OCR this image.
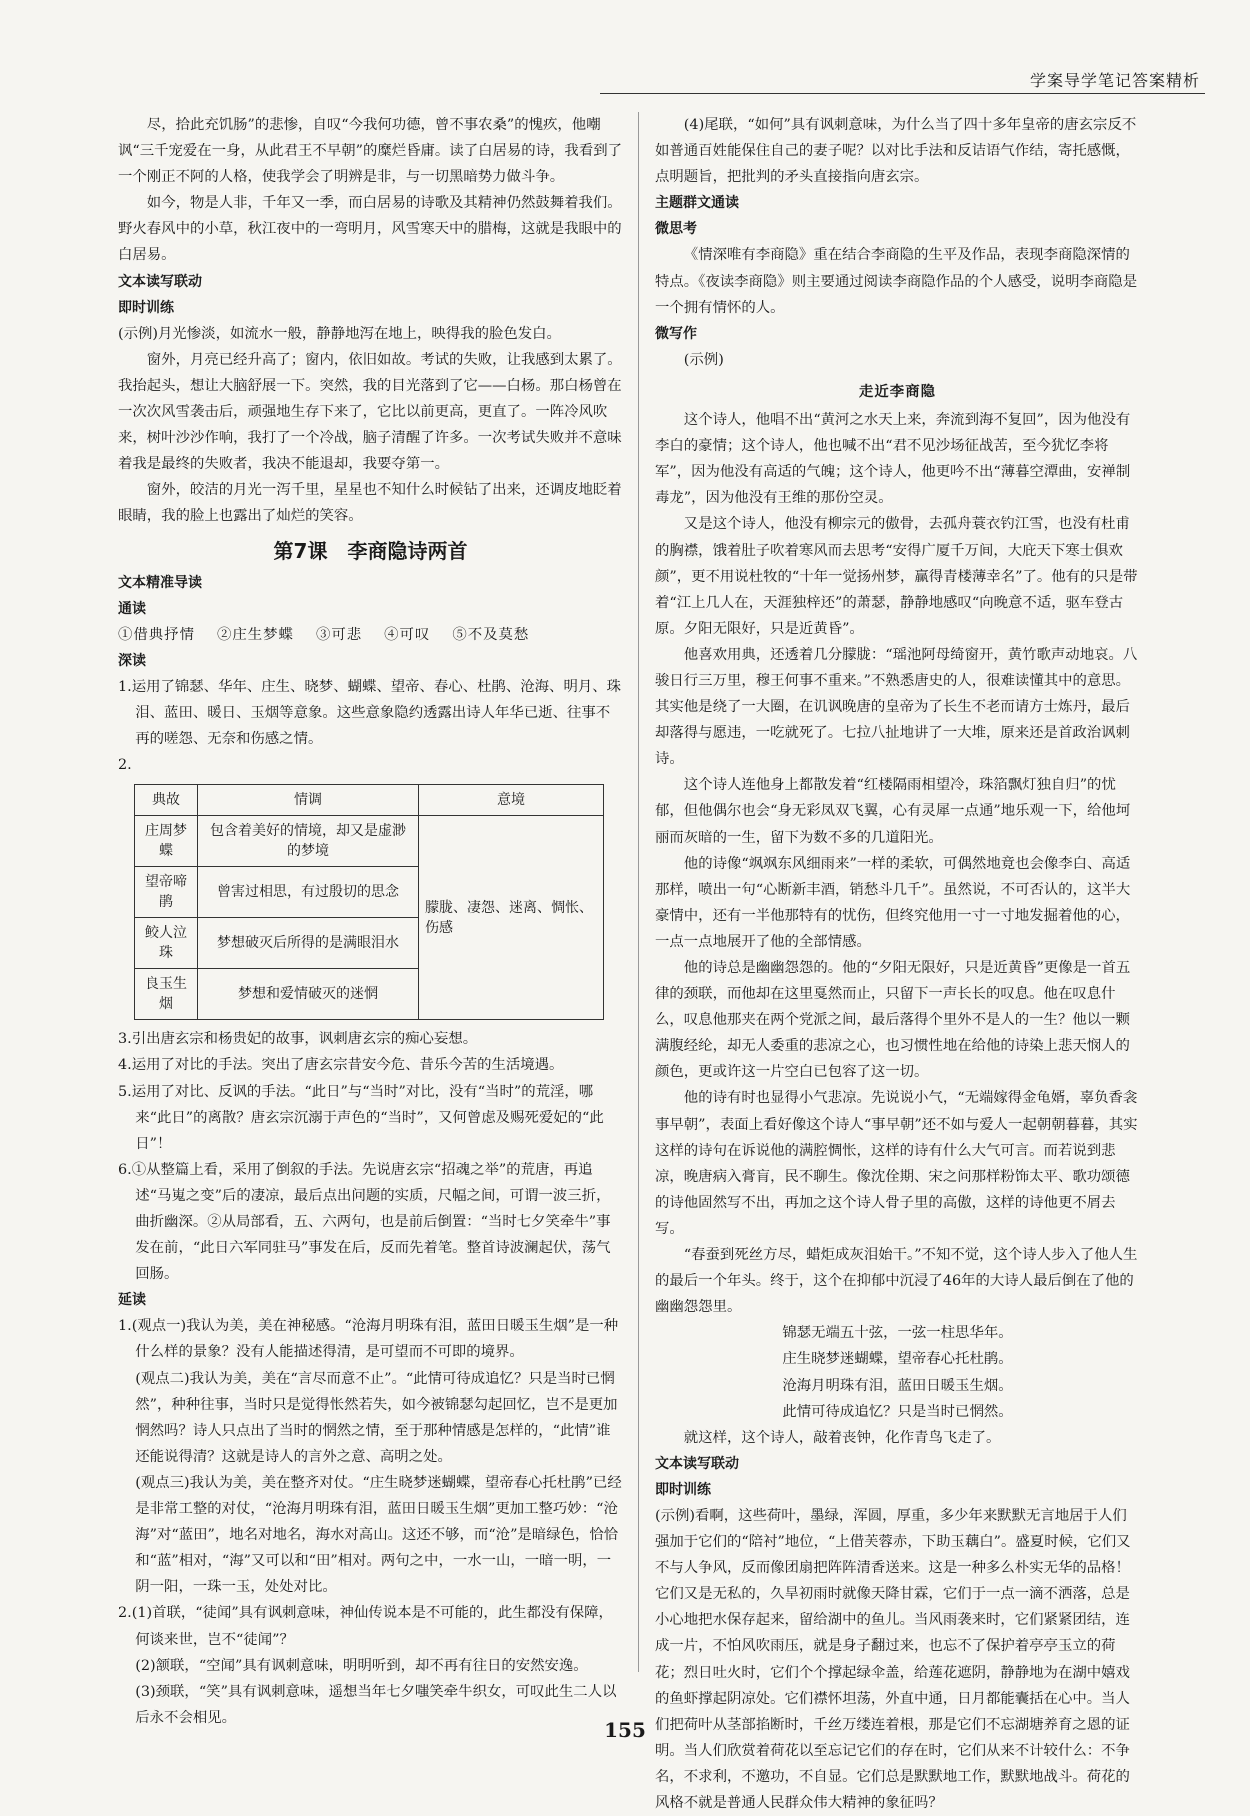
学案导学笔记答案精析

尽，拾此充饥肠”的悲惨，自叹“今我何功德，曾不事农桑”的愧疚，他嘲讽“三千宠爱在一身，从此君王不早朝”的糜烂昏庸。读了白居易的诗，我看到了一个刚正不阿的人格，使我学会了明辨是非，与一切黑暗势力做斗争。

如今，物是人非，千年又一季，而白居易的诗歌及其精神仍然鼓舞着我们。野火春风中的小草，秋江夜中的一弯明月，风雪寒天中的腊梅，这就是我眼中的白居易。

文本读写联动

即时训练

(示例)月光惨淡，如流水一般，静静地泻在地上，映得我的脸色发白。

窗外，月亮已经升高了；窗内，依旧如故。考试的失败，让我感到太累了。我抬起头，想让大脑舒展一下。突然，我的目光落到了它——白杨。那白杨曾在一次次风雪袭击后，顽强地生存下来了，它比以前更高，更直了。一阵冷风吹来，树叶沙沙作响，我打了一个冷战，脑子清醒了许多。一次考试失败并不意味着我是最终的失败者，我决不能退却，我要夺第一。

窗外，皎洁的月光一泻千里，星星也不知什么时候钻了出来，还调皮地眨着眼睛，我的脸上也露出了灿烂的笑容。

第7课 李商隐诗两首

文本精准导读

通读

①借典抒情 ②庄生梦蝶 ③可悲 ④可叹 ⑤不及莫愁

深读

1.运用了锦瑟、华年、庄生、晓梦、蝴蝶、望帝、春心、杜鹃、沧海、明月、珠泪、蓝田、暖日、玉烟等意象。这些意象隐约透露出诗人年华已逝、往事不再的嗟怨、无奈和伤感之情。

2.

典故	情调	意境
庄周梦蝶	包含着美好的情境，却又是虚渺的梦境	朦胧、凄怨、迷离、惆怅、伤感
望帝啼鹃	曾害过相思，有过殷切的思念	
鲛人泣珠	梦想破灭后所得的是满眼泪水	
良玉生烟	梦想和爱情破灭的迷惘	

3.引出唐玄宗和杨贵妃的故事，讽刺唐玄宗的痴心妄想。

4.运用了对比的手法。突出了唐玄宗昔安今危、昔乐今苦的生活境遇。

5.运用了对比、反讽的手法。“此日”与“当时”对比，没有“当时”的荒淫，哪来“此日”的离散？唐玄宗沉溺于声色的“当时”，又何曾虑及赐死爱妃的“此日”！

6.①从整篇上看，采用了倒叙的手法。先说唐玄宗“招魂之举”的荒唐，再追述“马嵬之变”后的凄凉，最后点出问题的实质，尺幅之间，可谓一波三折，曲折幽深。②从局部看，五、六两句，也是前后倒置：“当时七夕笑牵牛”事发在前，“此日六军同驻马”事发在后，反而先着笔。整首诗波澜起伏，荡气回肠。

延读

1.(观点一)我认为美，美在神秘感。“沧海月明珠有泪，蓝田日暖玉生烟”是一种什么样的景象？没有人能描述得清，是可望而不可即的境界。

(观点二)我认为美，美在“言尽而意不止”。“此情可待成追忆？只是当时已惘然”，种种往事，当时只是觉得怅然若失，如今被锦瑟勾起回忆，岂不是更加惘然吗？诗人只点出了当时的惘然之情，至于那种情感是怎样的，“此情”谁还能说得清？这就是诗人的言外之意、高明之处。

(观点三)我认为美，美在整齐对仗。“庄生晓梦迷蝴蝶，望帝春心托杜鹃”已经是非常工整的对仗，“沧海月明珠有泪，蓝田日暖玉生烟”更加工整巧妙：“沧海”对“蓝田”，地名对地名，海水对高山。这还不够，而“沧”是暗绿色，恰恰和“蓝”相对，“海”又可以和“田”相对。两句之中，一水一山，一暗一明，一阴一阳，一珠一玉，处处对比。

2.(1)首联，“徒闻”具有讽刺意味，神仙传说本是不可能的，此生都没有保障，何谈来世，岂不“徒闻”？

(2)颔联，“空闻”具有讽刺意味，明明听到，却不再有往日的安然安逸。

(3)颈联，“笑”具有讽刺意味，遥想当年七夕嗤笑牵牛织女，可叹此生二人以后永不会相见。

(4)尾联，“如何”具有讽刺意味，为什么当了四十多年皇帝的唐玄宗反不如普通百姓能保住自己的妻子呢？以对比手法和反诘语气作结，寄托感慨，点明题旨，把批判的矛头直接指向唐玄宗。

主题群文通读

微思考

《情深唯有李商隐》重在结合李商隐的生平及作品，表现李商隐深情的特点。《夜读李商隐》则主要通过阅读李商隐作品的个人感受，说明李商隐是一个拥有情怀的人。

微写作

(示例)

走近李商隐

这个诗人，他唱不出“黄河之水天上来，奔流到海不复回”，因为他没有李白的豪情；这个诗人，他也喊不出“君不见沙场征战苦，至今犹忆李将军”，因为他没有高适的气魄；这个诗人，他更吟不出“薄暮空潭曲，安禅制毒龙”，因为他没有王维的那份空灵。

又是这个诗人，他没有柳宗元的傲骨，去孤舟蓑衣钓江雪，也没有杜甫的胸襟，饿着肚子吹着寒风而去思考“安得广厦千万间，大庇天下寒士俱欢颜”，更不用说杜牧的“十年一觉扬州梦，赢得青楼薄幸名”了。他有的只是带着“江上几人在，天涯独梓还”的萧瑟，静静地感叹“向晚意不适，驱车登古原。夕阳无限好，只是近黄昏”。

他喜欢用典，还透着几分朦胧：“瑶池阿母绮窗开，黄竹歌声动地哀。八骏日行三万里，穆王何事不重来。”不熟悉唐史的人，很难读懂其中的意思。其实他是绕了一大圈，在讥讽晚唐的皇帝为了长生不老而请方士炼丹，最后却落得与愿违，一吃就死了。七拉八扯地讲了一大堆，原来还是首政治讽刺诗。

这个诗人连他身上都散发着“红楼隔雨相望冷，珠箔飘灯独自归”的忧郁，但他偶尔也会“身无彩凤双飞翼，心有灵犀一点通”地乐观一下，给他坷丽而灰暗的一生，留下为数不多的几道阳光。

他的诗像“飒飒东风细雨来”一样的柔软，可偶然地竟也会像李白、高适那样，喷出一句“心断新丰酒，销愁斗几千”。虽然说，不可否认的，这半大豪情中，还有一半他那特有的忧伤，但终究他用一寸一寸地发掘着他的心，一点一点地展开了他的全部情感。

他的诗总是幽幽怨怨的。他的“夕阳无限好，只是近黄昏”更像是一首五律的颈联，而他却在这里戛然而止，只留下一声长长的叹息。他在叹息什么，叹息他那夹在两个党派之间，最后落得个里外不是人的一生？他以一颗满腹经纶，却无人委重的悲凉之心，也习惯性地在给他的诗染上悲天悯人的颜色，更或许这一片空白已包容了这一切。

他的诗有时也显得小气悲凉。先说说小气，“无端嫁得金龟婿，辜负香衾事早朝”，表面上看好像这个诗人“事早朝”还不如与爱人一起朝朝暮暮，其实这样的诗句在诉说他的满腔惆怅，这样的诗有什么大气可言。而若说到悲凉，晚唐病入膏肓，民不聊生。像沈佺期、宋之问那样粉饰太平、歌功颂德的诗他固然写不出，再加之这个诗人骨子里的高傲，这样的诗他更不屑去写。

“春蚕到死丝方尽，蜡炬成灰泪始干。”不知不觉，这个诗人步入了他人生的最后一个年头。终于，这个在抑郁中沉浸了46年的大诗人最后倒在了他的幽幽怨怨里。

锦瑟无端五十弦，一弦一柱思华年。

庄生晓梦迷蝴蝶，望帝春心托杜鹃。

沧海月明珠有泪，蓝田日暖玉生烟。

此情可待成追忆？只是当时已惘然。

就这样，这个诗人，敲着丧钟，化作青鸟飞走了。

文本读写联动

即时训练

(示例)看啊，这些荷叶，墨绿，浑圆，厚重，多少年来默默无言地居于人们强加于它们的“陪衬”地位，“上借芙蓉赤，下助玉藕白”。盛夏时候，它们又不与人争风，反而像团扇把阵阵清香送来。这是一种多么朴实无华的品格！它们又是无私的，久旱初雨时就像天降甘霖，它们于一点一滴不洒落，总是小心地把水保存起来，留给湖中的鱼儿。当风雨袭来时，它们紧紧团结，连成一片，不怕风吹雨压，就是身子翻过来，也忘不了保护着亭亭玉立的荷花；烈日吐火时，它们个个撑起绿伞盖，给莲花遮阴，静静地为在湖中嬉戏的鱼虾撑起阴凉处。它们襟怀坦荡，外直中通，日月都能囊括在心中。当人们把荷叶从茎部掐断时，千丝万缕连着根，那是它们不忘湖塘养育之恩的证明。当人们欣赏着荷花以至忘记它们的存在时，它们从来不计较什么：不争名，不求利，不邀功，不自显。它们总是默默地工作，默默地战斗。荷花的风格不就是普通人民群众伟大精神的象征吗？

155
